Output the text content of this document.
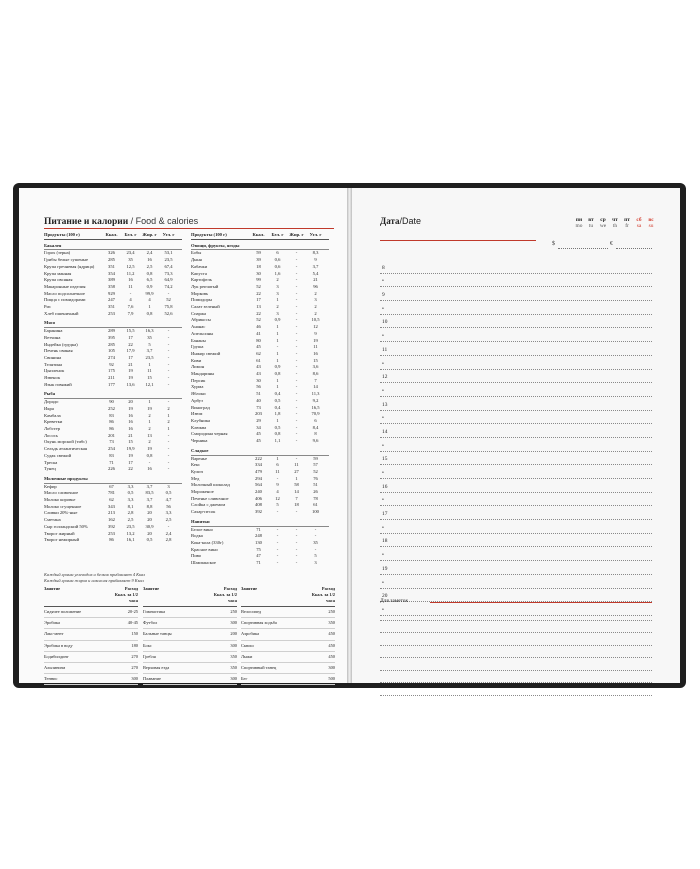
Питание и калории / Food & calories
Продукты (100 г)	Ккал.	Бел. г	Жир. г	Угл. г
Бакалея
Горох (зерна)	326	23,4	2,4	53,1
Грибы белые сушеные	285	35	16	23,5
Крупа гречневая (ядрица)	351	12,5	2,5	67,4
Крупа манная	354	11,2	0,8	73,3
Крупа овсяная	389	16	6,5	64,9
Макаронные изделия	358	11	0,9	74,2
Масло подсолнечное	929	-	99,9	-
Пицца с помидорами	247	4	4	52
Рис	351	7,6	1	75,8
Хлеб пшеничный	253	7,9	0,8	52,6
Мясо
Баранина	289	15,5	16,3	-
Ветчина	395	17	35	-
Индейка (грудка)	285	22	5	-
Печень свиная	105	17,9	3,7	-
Свинина	274	17	23,5	-
Телятина	92	21	1	-
Цыпленок	175	19	11	-
Язвенок	211	19	15	-
Язык говяжий	177	13,6	12,1	-
Рыба
Дорадо	90	20	1	-
Икра	252	19	19	2
Камбала	83	16	2	1
Креветки	86	16	1	2
Лобстер	86	16	2	1
Лосось	201	21	13	-
Окунь морской (тибс)	73	15	2	-
Сельдь атлантическая	254	19,9	19	-
Судак свежий	83	19	0,8	-
Треска	71	17	-	-
Тунец	226	22	16	-
Молочные продукты
Кефир	67	3,3	3,7	3
Масло сливочное	781	0,5	83,5	0,5
Молоко коровье	62	3,3	3,7	4,7
Молоко сгущенное	343	8,1	8,8	56
Сливки 20%-ные	213	2,8	20	3,3
Сметана	162	2,5	20	2,5
Сыр голландский 50%	392	23,5	30,9	-
Творог жирный	253	13,2	20	2,4
Творог нежирный	86	16,1	0,5	2,8
Продукты (100 г)	Ккал.	Бел. г	Жир. г	Угл. г
Овощи, фрукты, ягоды
Бобы	59	6	-	8,3
Дыня	39	0,6	-	9
Кабачки	18	0,6	-	3,7
Капуста	30	1,6	-	5,4
Картофель	99	2	-	21
Лук репчатый	52	3	-	96
Морковь	22	3	-	2
Помидоры	17	1	-	3
Салат зеленый	13	2	-	2
Спаржа	22	3	-	2
Абрикосы	52	0,9	-	10,5
Ананас	46	1	-	12
Апельсины	41	1	-	9
Бананы	80	1	-	19
Груша	45	-	-	11
Инжир свежий	62	1	-	16
Киви	61	1	-	15
Лимон	43	0,9	-	3,6
Мандарины	43	0,8	-	8,6
Персик	30	1	-	7
Хурма	56	1	-	14
Яблоки	51	0,4	-	11,3
Арбуз	40	0,5	-	9,2
Виноград	73	0,4	-	16,5
Изюм	203	1,8	-	70,9
Клубника	29	1	-	6
Клюква	34	0,5	-	8,4
Смородина черная	45	0,8	-	8
Черника	45	1,1	-	9,6
Сладкое
Варенье	222	1	-	59
Кекс	334	6	11	57
Кулич	479	11	27	52
Мед	294	-	1	76
Молочный шоколад	564	9	58	51
Мороженое	240	4	14	26
Печенье сливочное	406	12	7	78
Слойка с джемом	408	5	18	61
Сахар-песок	392	-	-	100
Напитки
Белое вино	71	-	-	-
Водка	248	-	-	-
Кока-кола (330г)	130	-	-	35
Красное вино	75	-	-	-
Пиво	47	-	-	5
Шампанское	71	-	-	3
Каждый грамм углеводов и белков прибавляет 4 Ккал
Каждый грамм жиров и алкоголя прибавляет 9 Ккал
Занятие	Расход Ккал. за 1/2 часа
Сидячее положение	20-25
Эробика	40-45
Лакс-мент	150
Эробика в воду	180
Бодибилдинг	270
Альпинизм	270
Теннис	300
Занятие	Расход Ккал. за 1/2 часа
Гимнастика	250
Футбол	300
Бальные танцы	200
Бокс	300
Гребля	350
Верховая езда	350
Плавание	300
Занятие	Расход Ккал. за 1/2 часа
Велосипед	250
Спортивная ходьба	350
Аэробика	450
Сквош	450
Лыжи	450
Спортивный танец	300
Бег	500
Дата/Date	пн
mo
вт
tu
ср
we
чт
th
пт
fr
сб
sa
вс
su
$	€
8
•
9
•
10
•
11
•
12
•
13
•
14
•
15
•
16
•
17
•
18
•
19
•
20
•
Для заметок
